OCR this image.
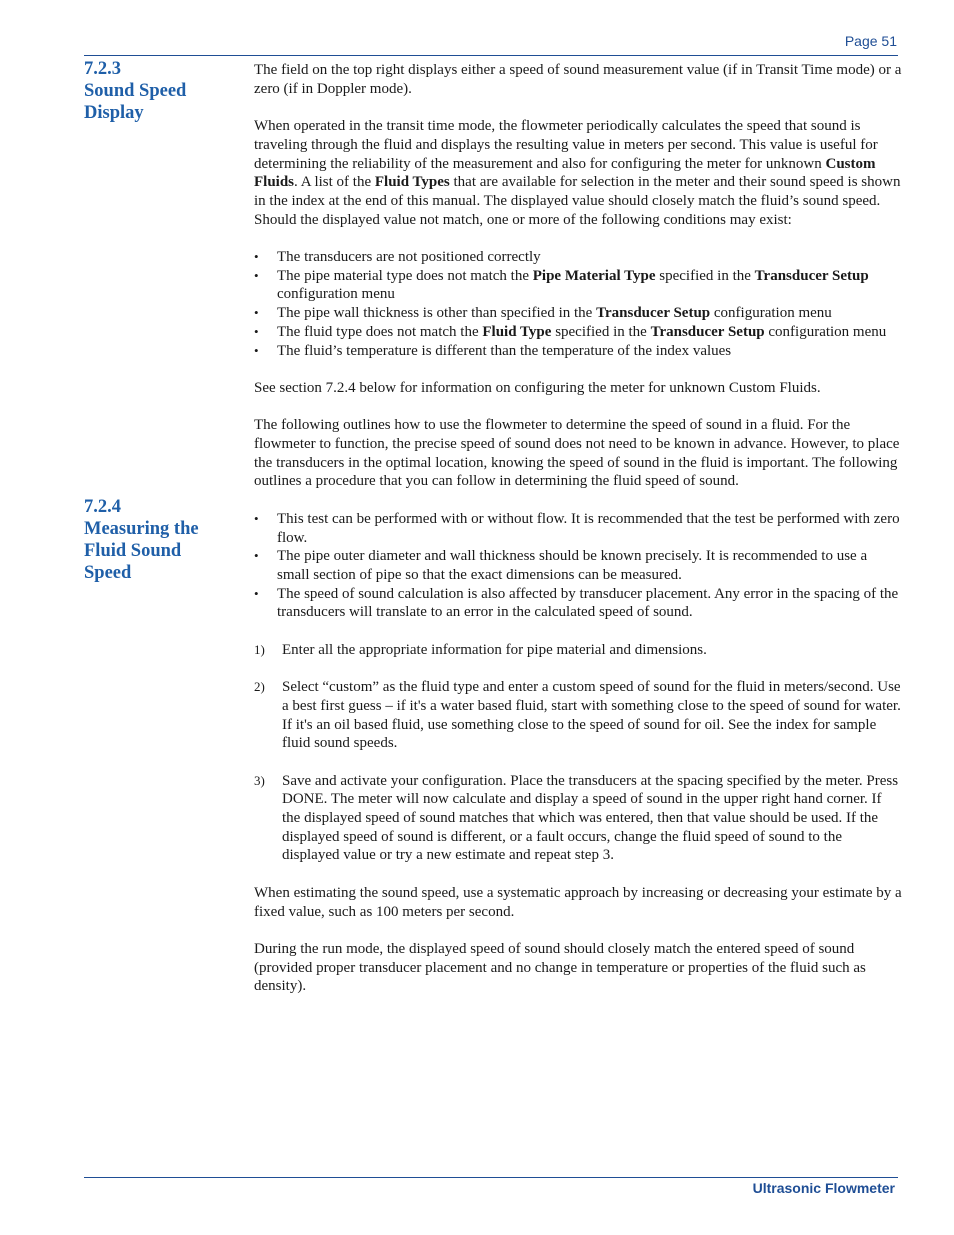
Page 51
7.2.3
Sound Speed
Display
7.2.4
Measuring the
Fluid Sound
Speed

The field on the top right displays either a speed of sound measurement value (if in Transit Time mode) or a zero (if in Doppler mode).

When operated in the transit time mode, the flowmeter periodically calculates the speed that sound is traveling through the fluid and displays the resulting value in meters per second. This value is useful for determining the reliability of the measurement and also for configuring the meter for unknown Custom Fluids. A list of the Fluid Types that are available for selection in the meter and their sound speed is shown in the index at the end of this manual. The displayed value should closely match the fluid’s sound speed. Should the displayed value not match, one or more of the following conditions may exist:

• The transducers are not positioned correctly
• The pipe material type does not match the Pipe Material Type specified in the Transducer Setup configuration menu
• The pipe wall thickness is other than specified in the Transducer Setup configuration menu
• The fluid type does not match the Fluid Type specified in the Transducer Setup configuration menu
• The fluid’s temperature is different than the temperature of the index values

See section 7.2.4 below for information on configuring the meter for unknown Custom Fluids.

The following outlines how to use the flowmeter to determine the speed of sound in a fluid. For the flowmeter to function, the precise speed of sound does not need to be known in advance. However, to place the transducers in the optimal location, knowing the speed of sound in the fluid is important. The following outlines a procedure that you can follow in determining the fluid speed of sound.

• This test can be performed with or without flow. It is recommended that the test be performed with zero flow.
• The pipe outer diameter and wall thickness should be known precisely. It is recommended to use a small section of pipe so that the exact dimensions can be measured.
• The speed of sound calculation is also affected by transducer placement. Any error in the spacing of the transducers will translate to an error in the calculated speed of sound.
1) Enter all the appropriate information for pipe material and dimensions.
2) Select “custom” as the fluid type and enter a custom speed of sound for the fluid in meters/second. Use a best first guess – if it's a water based fluid, start with something close to the speed of sound for water. If it's an oil based fluid, use something close to the speed of sound for oil. See the index for sample fluid sound speeds.
3) Save and activate your configuration. Place the transducers at the spacing specified by the meter. Press DONE. The meter will now calculate and display a speed of sound in the upper right hand corner. If the displayed speed of sound matches that which was entered, then that value should be used. If the displayed speed of sound is different, or a fault occurs, change the fluid speed of sound to the displayed value or try a new estimate and repeat step 3.

When estimating the sound speed, use a systematic approach by increasing or decreasing your estimate by a fixed value, such as 100 meters per second.

During the run mode, the displayed speed of sound should closely match the entered speed of sound (provided proper transducer placement and no change in temperature or properties of the fluid such as density).

Ultrasonic Flowmeter
